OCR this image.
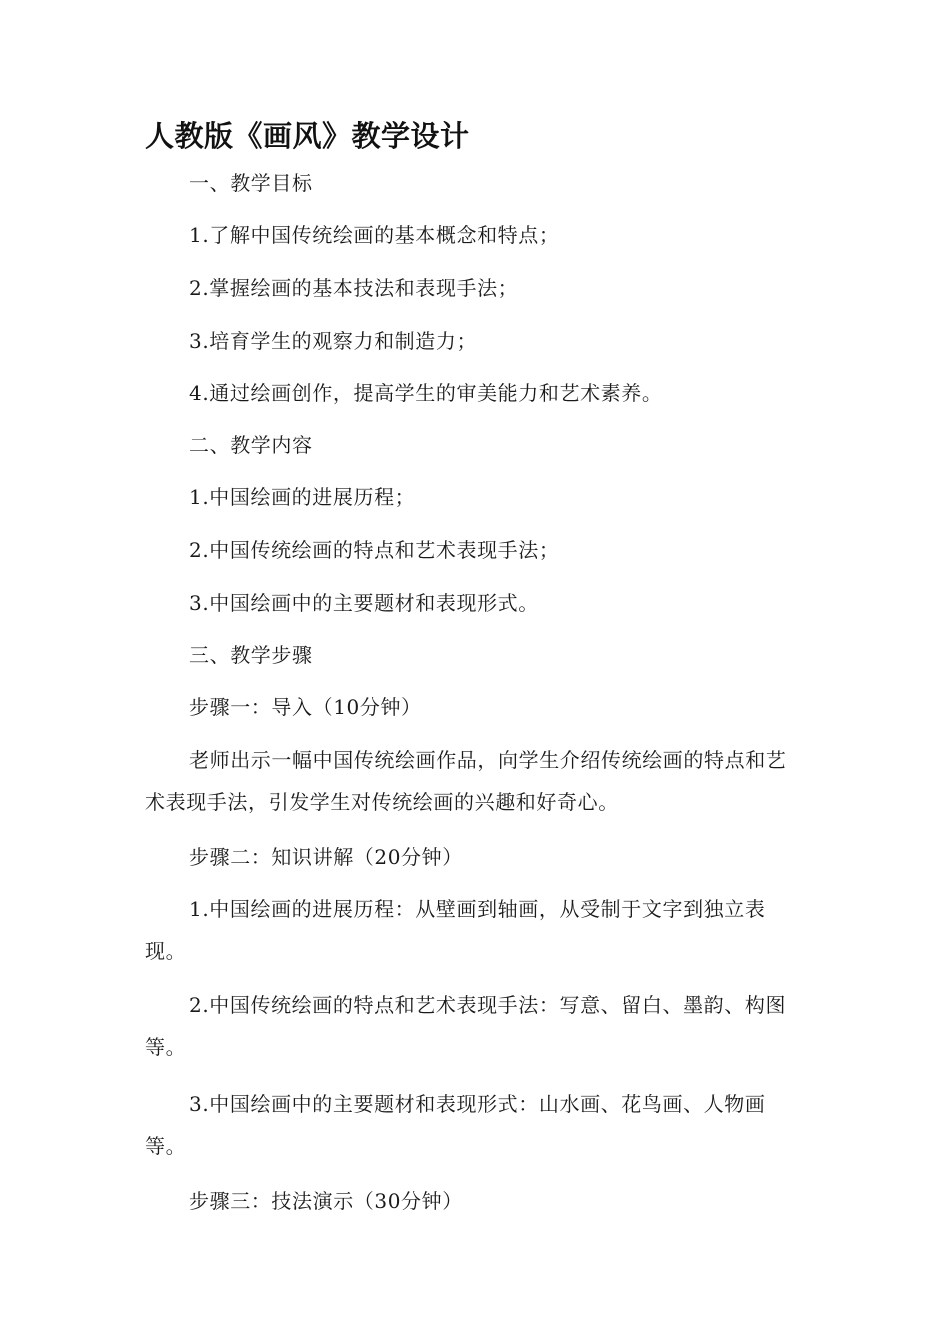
人教版《画风》教学设计

一、教学目标

1.了解中国传统绘画的基本概念和特点；

2.掌握绘画的基本技法和表现手法；

3.培育学生的观察力和制造力；

4.通过绘画创作，提高学生的审美能力和艺术素养。

二、教学内容

1.中国绘画的进展历程；

2.中国传统绘画的特点和艺术表现手法；

3.中国绘画中的主要题材和表现形式。

三、教学步骤

步骤一：导入（10分钟）

老师出示一幅中国传统绘画作品，向学生介绍传统绘画的特点和艺术表现手法，引发学生对传统绘画的兴趣和好奇心。

步骤二：知识讲解（20分钟）

1.中国绘画的进展历程：从壁画到轴画，从受制于文字到独立表现。

2.中国传统绘画的特点和艺术表现手法：写意、留白、墨韵、构图等。

3.中国绘画中的主要题材和表现形式：山水画、花鸟画、人物画等。

步骤三：技法演示（30分钟）
